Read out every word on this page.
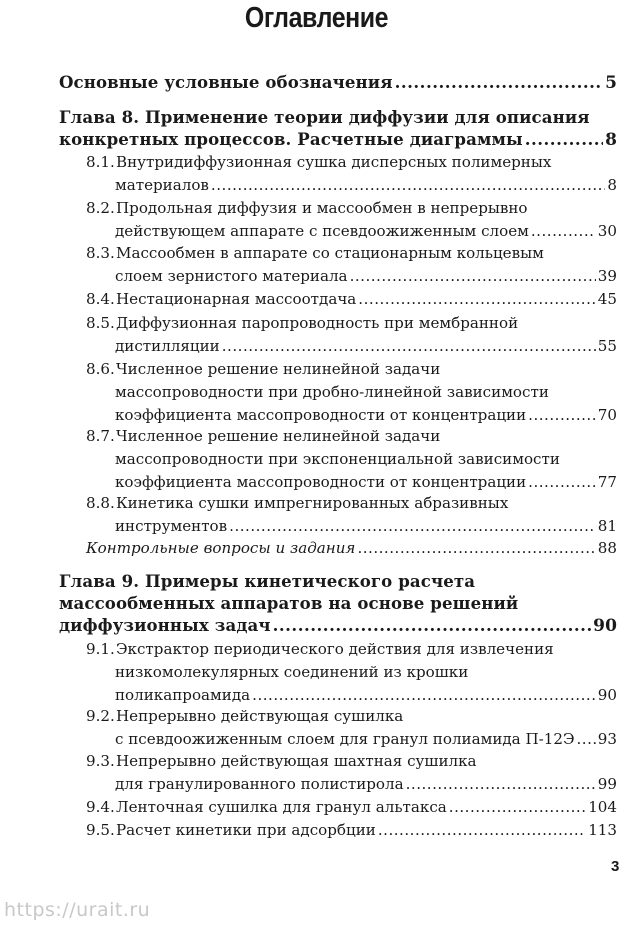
Оглавление
Основные условные обозначения .....	5
Глава 8. Применение теории диффузии для описания
конкретных процессов. Расчетные диаграммы .....	8
8.1. Внутридиффузионная сушка дисперсных полимерных
материалов .....	8
8.2. Продольная диффузия и массообмен в непрерывно
действующем аппарате с псевдоожиженным слоем .....	30
8.3. Массообмен в аппарате со стационарным кольцевым
слоем зернистого материала .....	39
8.4. Нестационарная массоотдача .....	45
8.5. Диффузионная паропроводность при мембранной
дистилляции .....	55
8.6. Численное решение нелинейной задачи
массопроводности при дробно-линейной зависимости
коэффициента массопроводности от концентрации .....	70
8.7. Численное решение нелинейной задачи
массопроводности при экспоненциальной зависимости
коэффициента массопроводности от концентрации .....	77
8.8. Кинетика сушки импрегнированных абразивных
инструментов .....	81
Контрольные вопросы и задания .....	88
Глава 9. Примеры кинетического расчета
массообменных аппаратов на основе решений
диффузионных задач .....	90
9.1. Экстрактор периодического действия для извлечения
низкомолекулярных соединений из крошки
поликапроамида .....	90
9.2. Непрерывно действующая сушилка
с псевдоожиженным слоем для гранул полиамида П-12Э ..... 93
9.3. Непрерывно действующая шахтная сушилка
для гранулированного полистирола .....	99
9.4. Ленточная сушилка для гранул альтакса .....	104
9.5. Расчет кинетики при адсорбции .....	113
3
https://urait.ru
